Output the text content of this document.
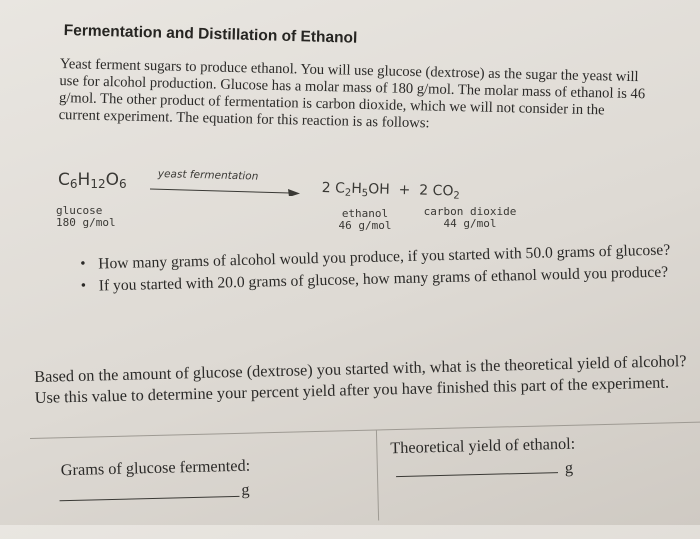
Fermentation and Distillation of Ethanol

Yeast ferment sugars to produce ethanol. You will use glucose (dextrose) as the sugar the yeast will use for alcohol production. Glucose has a molar mass of 180 g/mol. The molar mass of ethanol is 46 g/mol. The other product of fermentation is carbon dioxide, which we will not consider in the current experiment. The equation for this reaction is as follows:

$C_6H_{12}O_6$
yeast fermentation
2 $C_2H_5OH + 2$ $CO_2$
glucose
180 g/mol
ethanol
46 g/mol
carbon dioxide
44 g/mol
• How many grams of alcohol would you produce, if you started with 50.0 grams of glucose?
• If you started with 20.0 grams of glucose, how many grams of ethanol would you produce?

Based on the amount of glucose (dextrose) you started with, what is the theoretical yield of alcohol? Use this value to determine your percent yield after you have finished this part of the experiment.

Grams of glucose fermented:
g
Theoretical yield of ethanol:
g
